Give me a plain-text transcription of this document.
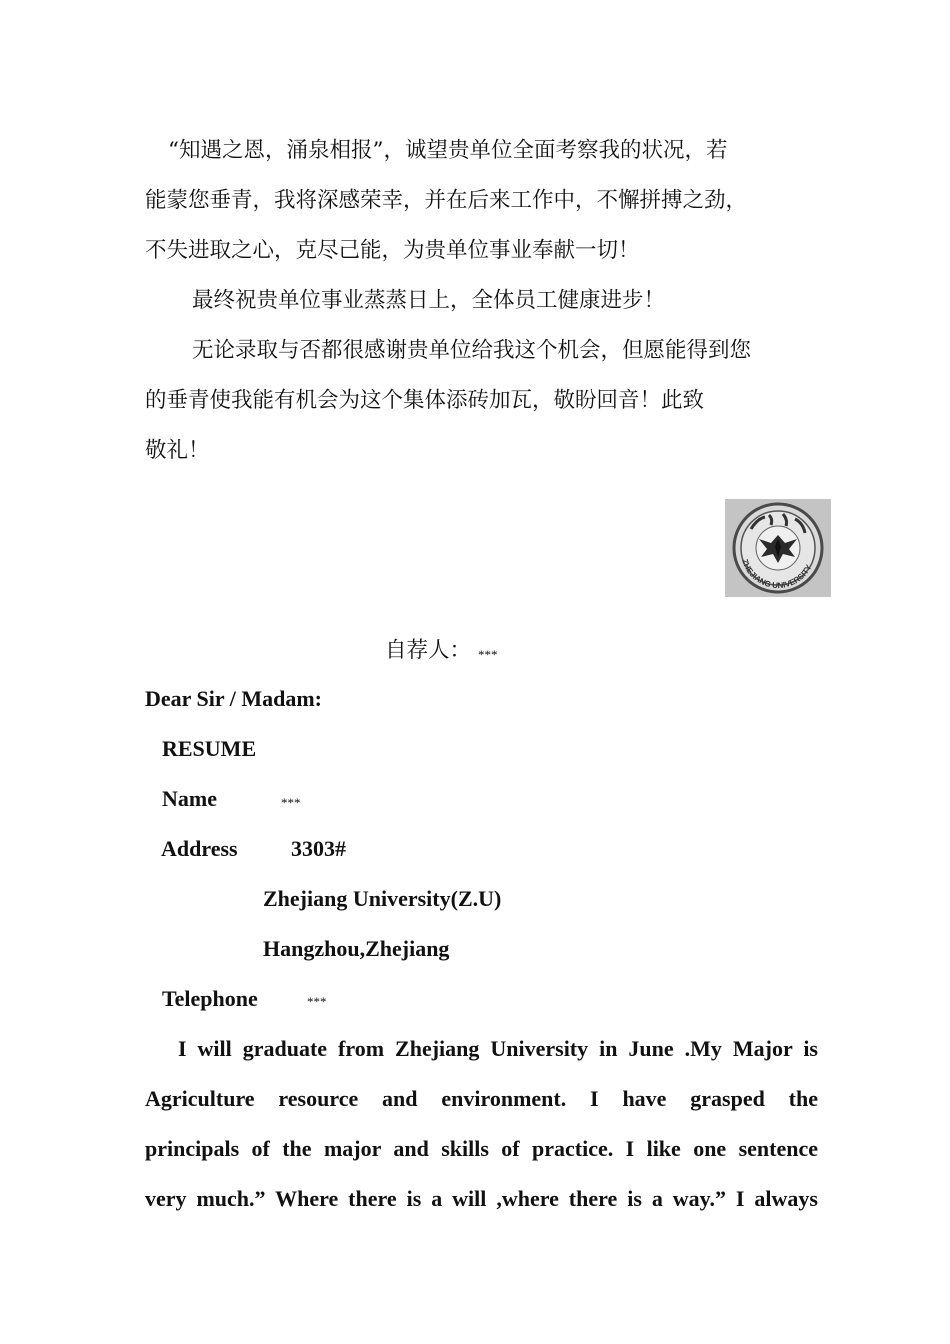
“知遇之恩，涌泉相报”，诚望贵单位全面考察我的状况，若
能蒙您垂青，我将深感荣幸，并在后来工作中，不懈拼搏之劲，
不失进取之心，克尽己能，为贵单位事业奉献一切！
最终祝贵单位事业蒸蒸日上，全体员工健康进步！
无论录取与否都很感谢贵单位给我这个机会，但愿能得到您
的垂青使我能有机会为这个集体添砖加瓦，敬盼回音！此致
敬礼！
ZHEJIANG UNIVERSITY
自荐人： ***
Dear Sir / Madam:
RESUME
Name	***
Address 3303#
Zhejiang University(Z.U)
Hangzhou,Zhejiang
Telephone	***
I will graduate from Zhejiang University in June .My Major is
Agriculture resource and environment. I have grasped the
principals of the major and skills of practice. I like one sentence
very much.” Where there is a will ,where there is a way.” I always
